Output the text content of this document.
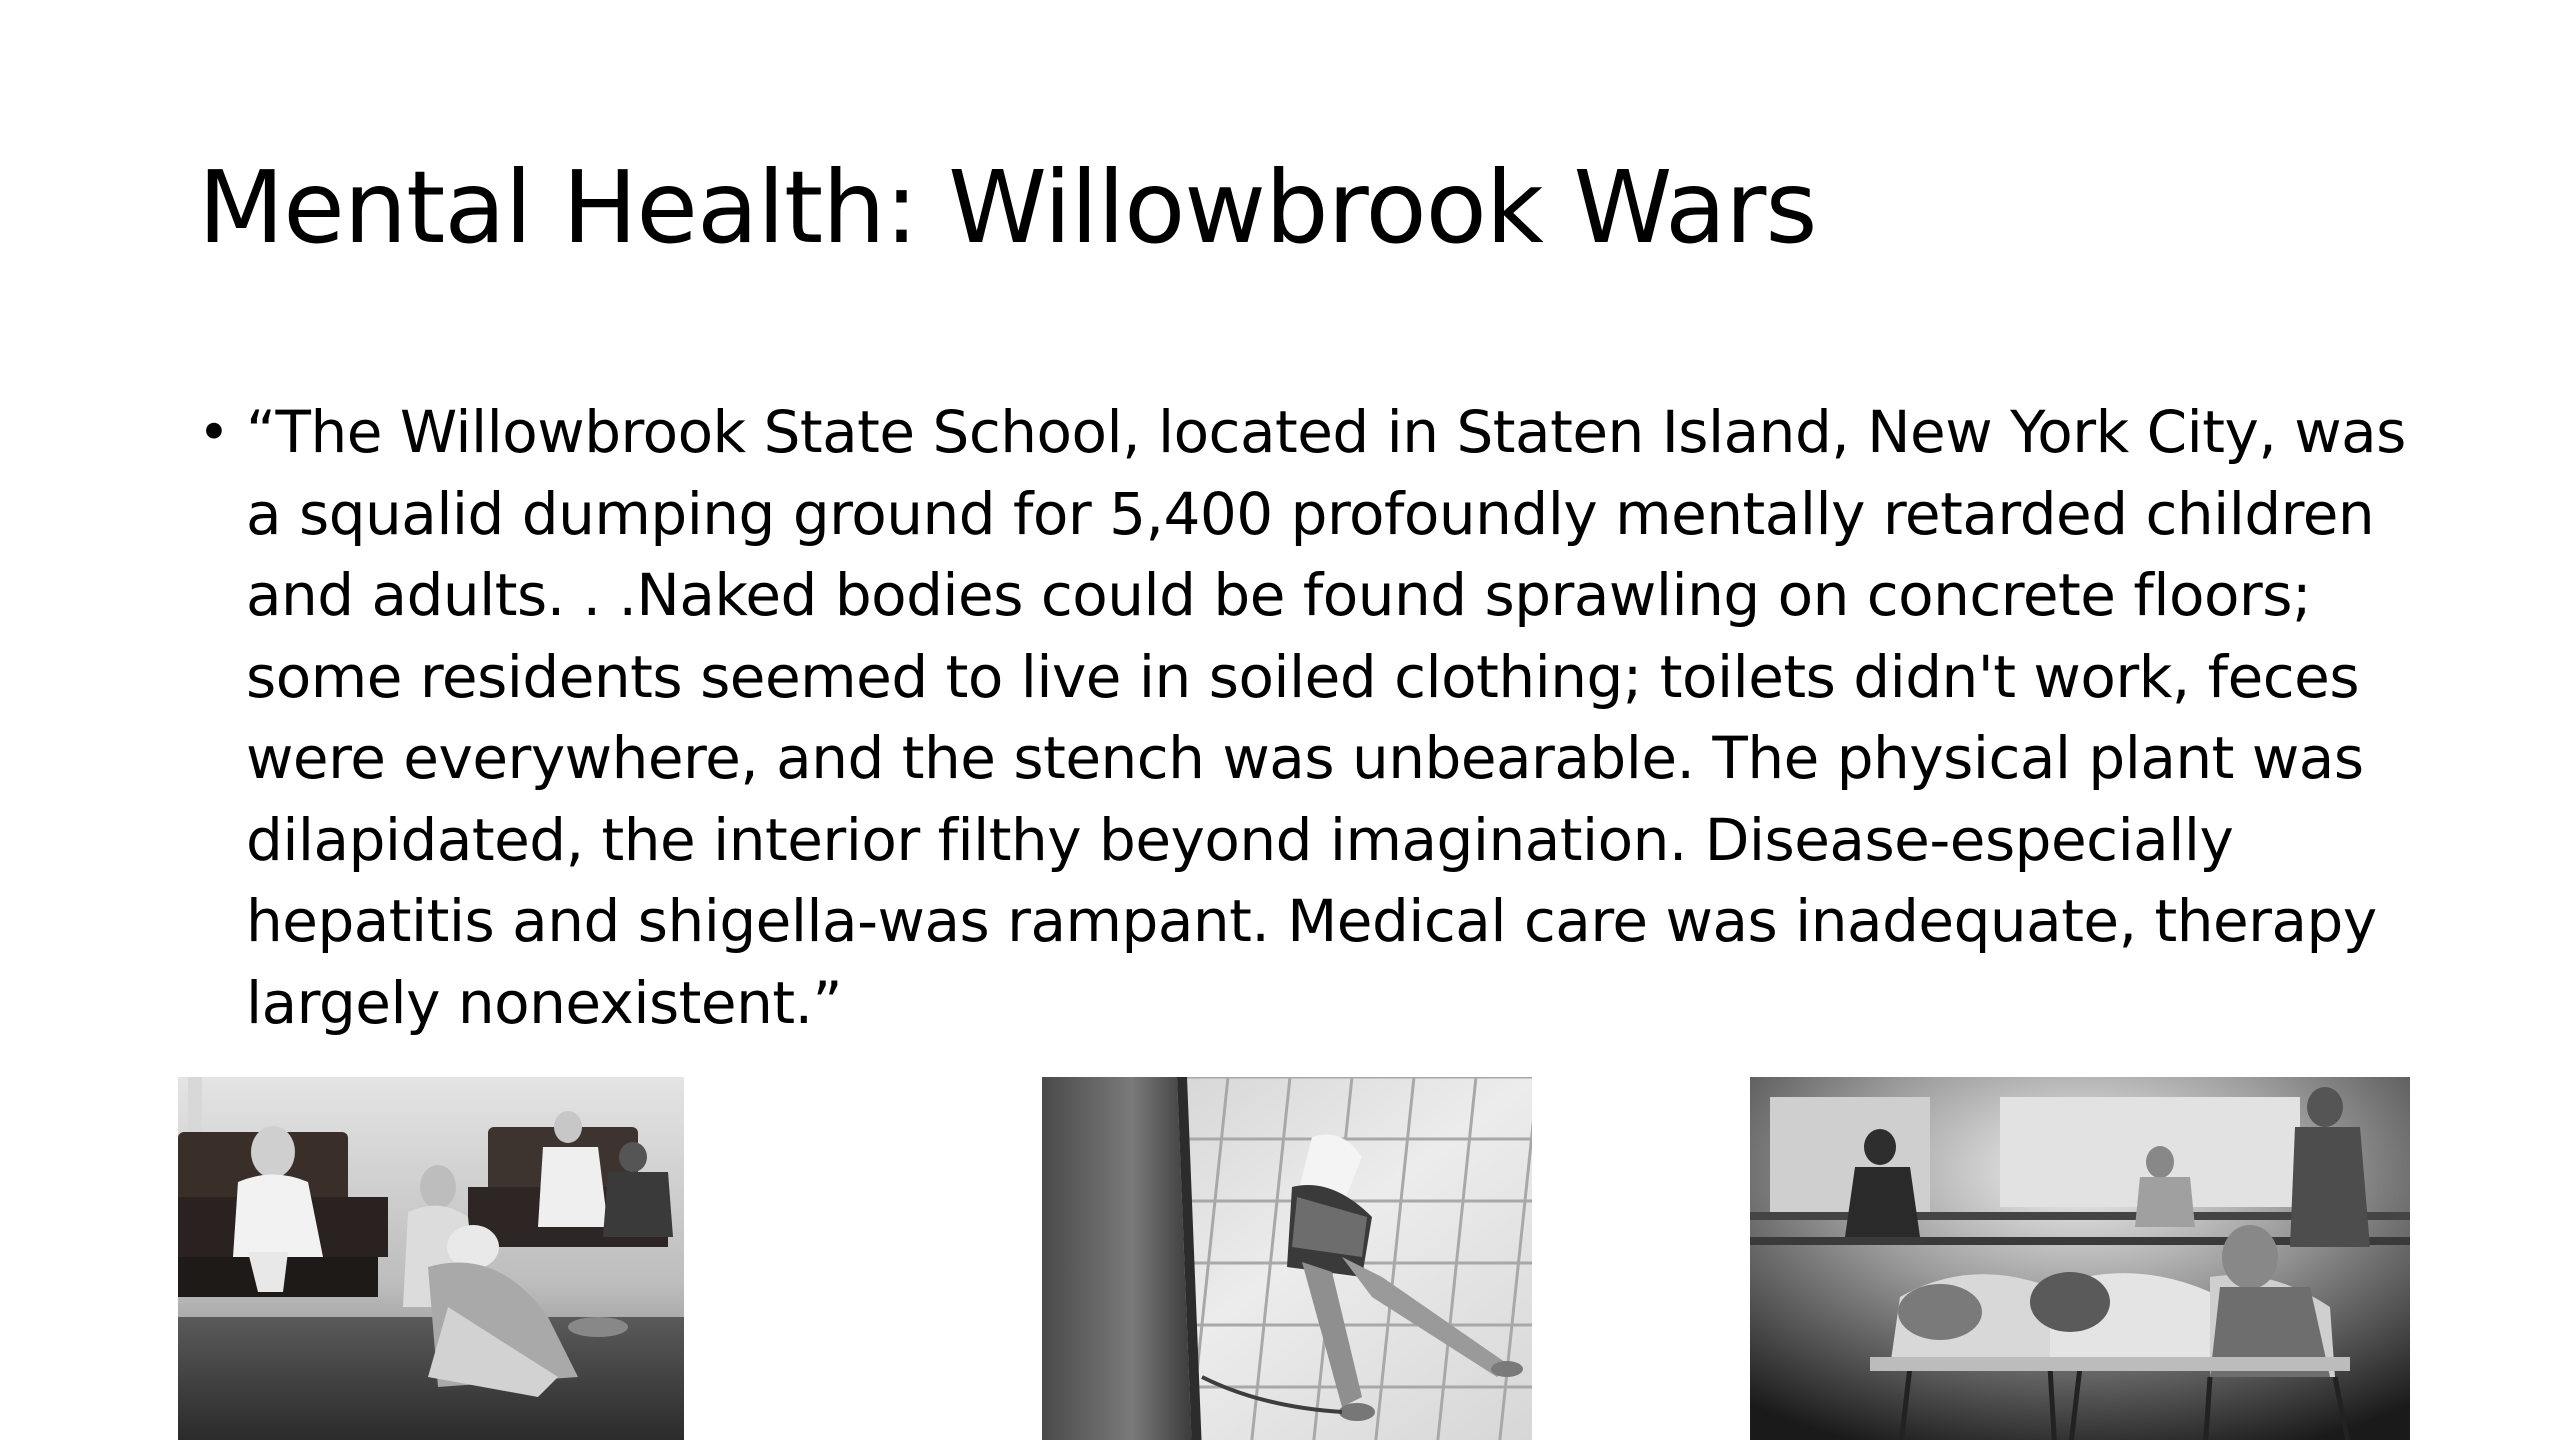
Mental Health: Willowbrook Wars
• “The Willowbrook State School, located in Staten Island, New York City, was a squalid dumping ground for 5,400 profoundly mentally retarded children and adults. . .Naked bodies could be found sprawling on concrete floors; some residents seemed to live in soiled clothing; toilets didn't work, feces were everywhere, and the stench was unbearable. The physical plant was dilapidated, the interior filthy beyond imagination. Disease-especially hepatitis and shigella-was rampant. Medical care was inadequate, therapy largely nonexistent.”
